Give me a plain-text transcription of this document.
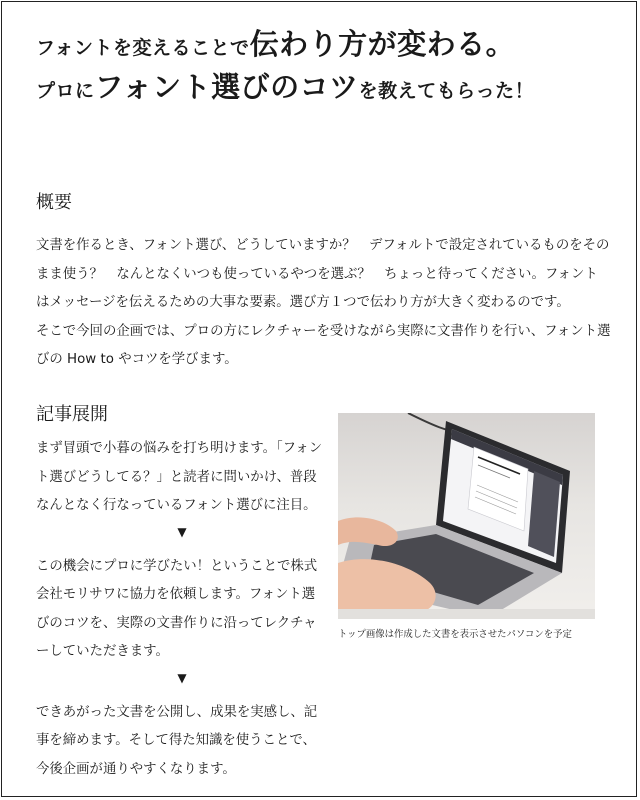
フォントを変えることで伝わり方が変わる。
プロにフォント選びのコツを教えてもらった！
概要

文書を作るとき、フォント選び、どうしていますか？　デフォルトで設定されているものをそのまま使う？　なんとなくいつも使っているやつを選ぶ？　ちょっと待ってください。フォントはメッセージを伝えるための大事な要素。選び方１つで伝わり方が大きく変わるのです。

そこで今回の企画では、プロの方にレクチャーを受けながら実際に文書作りを行い、フォント選びの How to やコツを学びます。

記事展開

まず冒頭で小暮の悩みを打ち明けます。「フォント選びどうしてる？」と読者に問いかけ、普段なんとなく行なっているフォント選びに注目。

▼

この機会にプロに学びたい！ということで株式会社モリサワに協力を依頼します。フォント選びのコツを、実際の文書作りに沿ってレクチャーしていただきます。

▼

できあがった文書を公開し、成果を実感し、記事を締めます。そして得た知識を使うことで、今後企画が通りやすくなります。

トップ画像は作成した文書を表示させたパソコンを予定
